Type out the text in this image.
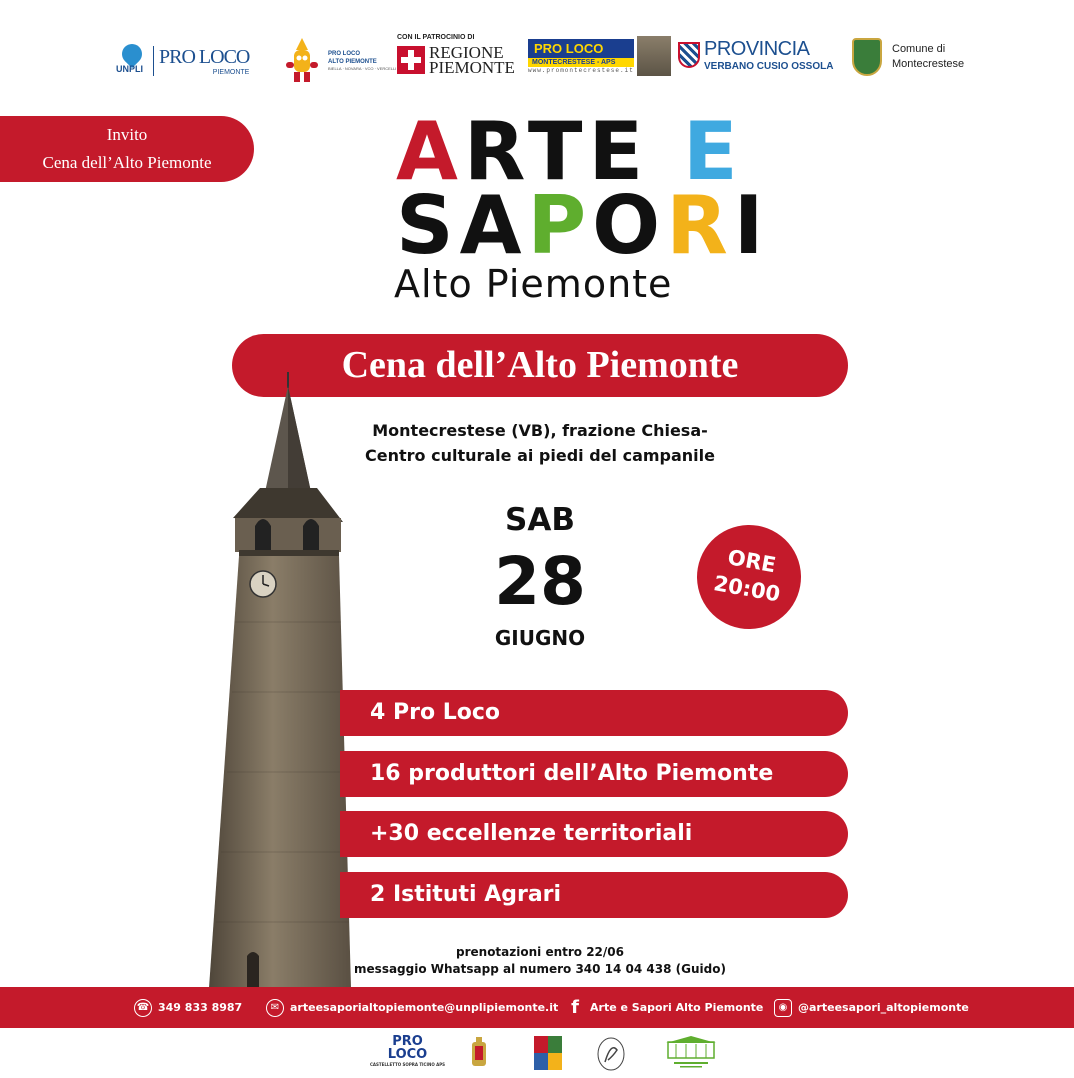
UNPLI
PRO LOCO
PIEMONTE
PRO LOCO
ALTO PIEMONTE
BIELLA · NOVARA · VCO · VERCELLI
CON IL PATROCINIO DI
REGIONE
PIEMONTE
PRO LOCO
MONTECRESTESE - APS
www.promontecrestese.it
PROVINCIA
VERBANO CUSIO OSSOLA
Comune di
Montecrestese
Invito
Cena dell’Alto Piemonte	ARTE E
SAPORI
Alto Piemonte
Cena dell’Alto Piemonte
Montecrestese (VB), frazione Chiesa-
Centro culturale ai piedi del campanile
SAB
28
GIUGNO
ORE
20:00
4 Pro Loco
16 produttori dell’Alto Piemonte
+30 eccellenze territoriali
2 Istituti Agrari
prenotazioni entro 22/06
messaggio Whatsapp al numero 340 14 04 438 (Guido)
☎ 349 833 8987	✉ arteesaporialtopiemonte@unplipiemonte.it f	Arte e Sapori Alto Piemonte	◉ @arteesapori_altopiemonte
PRO
LOCO
CASTELLETTO SOPRA TICINO APS
